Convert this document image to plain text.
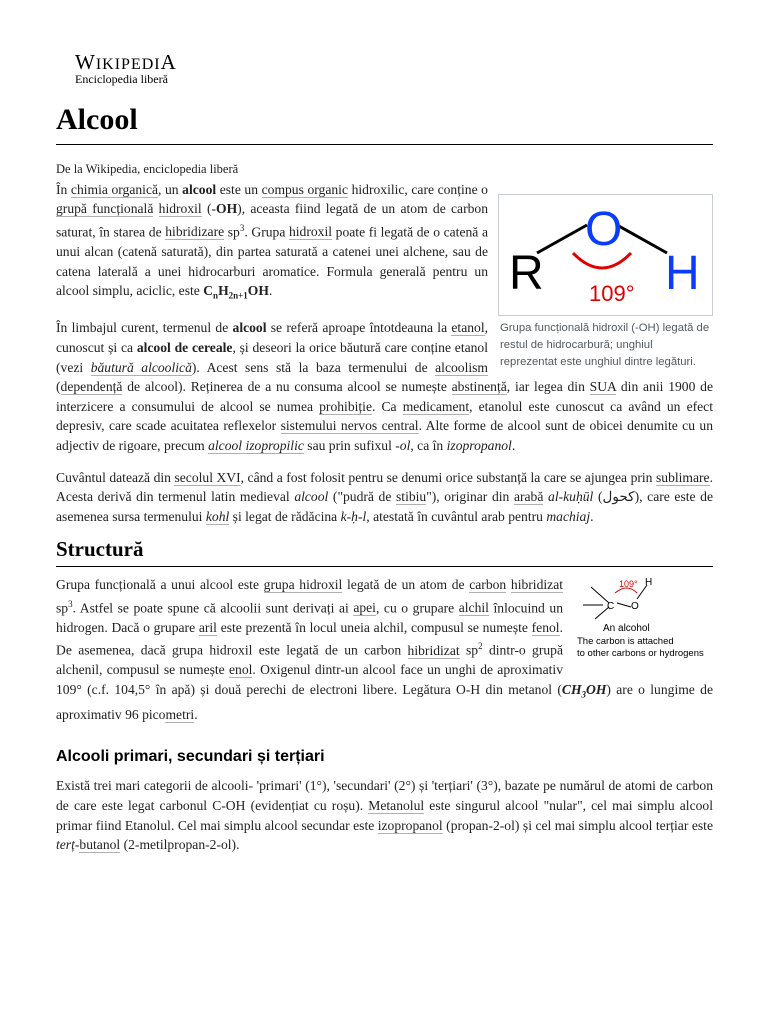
WIKIPEDIA
Enciclopedia liberă
Alcool

De la Wikipedia, enciclopedia liberă

R
O
H
109°
Grupa funcțională hidroxil (-OH) legată de restul de hidrocarbură; unghiul reprezentat este unghiul dintre legături.

În chimia organică, un alcool este un compus organic hidroxilic, care conține o grupă funcțională hidroxil (-OH), aceasta fiind legată de un atom de carbon saturat, în starea de hibridizare $sp^3$. Grupa hidroxil poate fi legată de o catenă a unui alcan (catenă saturată), din partea saturată a catenei unei alchene, sau de catena laterală a unei hidrocarburi aromatice. Formula generală pentru un alcool simplu, aciclic, este $C_nH_{2n+1}OH$.

În limbajul curent, termenul de alcool se referă aproape întotdeauna la etanol, cunoscut și ca alcool de cereale, și deseori la orice băutură care conține etanol (vezi băutură alcoolică). Acest sens stă la baza termenului de alcoolism (dependență de alcool). Reținerea de a nu consuma alcool se numește abstinență, iar legea din SUA din anii 1900 de interzicere a consumului de alcool se numea prohibiție. Ca medicament, etanolul este cunoscut ca având un efect depresiv, care scade acuitatea reflexelor sistemului nervos central. Alte forme de alcool sunt de obicei denumite cu un adjectiv de rigoare, precum alcool izopropilic sau prin sufixul -ol, ca în izopropanol.

Cuvântul datează din secolul XVI, când a fost folosit pentru se denumi orice substanță la care se ajungea prin sublimare. Acesta derivă din termenul latin medieval alcool ("pudră de stibiu"), originar din arabă al-kuḥūl (كحول), care este de asemenea sursa termenului kohl și legat de rădăcina k-ḥ-l, atestată în cuvântul arab pentru machiaj.

Structură
109° H
C O
An alcohol
The carbon is attached
to other carbons or hydrogens

Grupa funcțională a unui alcool este grupa hidroxil legată de un atom de carbon hibridizat $sp^3$. Astfel se poate spune că alcoolii sunt derivați ai apei, cu o grupare alchil înlocuind un hidrogen. Dacă o grupare aril este prezentă în locul uneia alchil, compusul se numește fenol. De asemenea, dacă grupa hidroxil este legată de un carbon hibridizat $sp^2$ dintr-o grupă alchenil, compusul se numește enol. Oxigenul dintr-un alcool face un unghi de aproximativ 109° (c.f. 104,5° în apă) și două perechi de electroni libere. Legătura O-H din metanol $(CH_3OH)$ are o lungime de aproximativ 96 picometri.

Alcooli primari, secundari și terțiari

Există trei mari categorii de alcooli- 'primari' (1°), 'secundari' (2°) și 'terțiari' (3°), bazate pe numărul de atomi de carbon de care este legat carbonul C-OH (evidențiat cu roșu). Metanolul este singurul alcool "nular", cel mai simplu alcool primar fiind Etanolul. Cel mai simplu alcool secundar este izopropanol (propan-2-ol) și cel mai simplu alcool terțiar este terț-butanol (2-metilpropan-2-ol).
